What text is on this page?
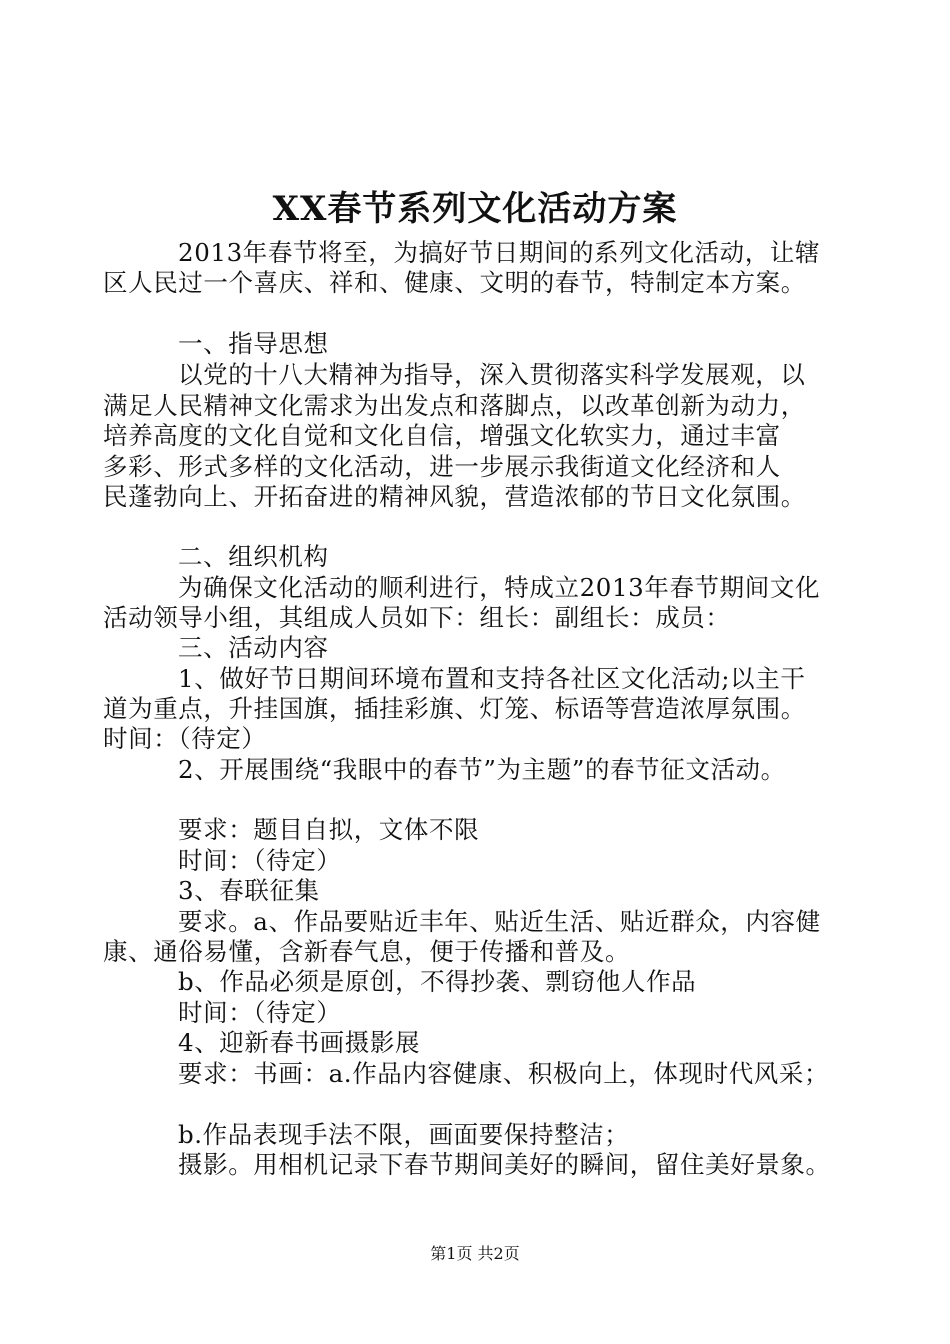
XX春节系列文化活动方案
2013年春节将至，为搞好节日期间的系列文化活动，让辖
区人民过一个喜庆、祥和、健康、文明的春节，特制定本方案。
一、指导思想
以党的十八大精神为指导，深入贯彻落实科学发展观，以
满足人民精神文化需求为出发点和落脚点，以改革创新为动力，
培养高度的文化自觉和文化自信，增强文化软实力，通过丰富
多彩、形式多样的文化活动，进一步展示我街道文化经济和人
民蓬勃向上、开拓奋进的精神风貌，营造浓郁的节日文化氛围。
二、组织机构
为确保文化活动的顺利进行，特成立2013年春节期间文化
活动领导小组，其组成人员如下：组长：副组长：成员：
三、活动内容
1、做好节日期间环境布置和支持各社区文化活动;以主干
道为重点，升挂国旗，插挂彩旗、灯笼、标语等营造浓厚氛围。
时间：（待定）
2、开展围绕“我眼中的春节”为主题”的春节征文活动。
要求：题目自拟，文体不限
时间：（待定）
3、春联征集
要求。a、作品要贴近丰年、贴近生活、贴近群众，内容健
康、通俗易懂，含新春气息，便于传播和普及。
b、作品必须是原创，不得抄袭、剽窃他人作品
时间：（待定）
4、迎新春书画摄影展
要求：书画：a.作品内容健康、积极向上，体现时代风采；
b.作品表现手法不限，画面要保持整洁；
摄影。用相机记录下春节期间美好的瞬间，留住美好景象。
第1页 共2页
